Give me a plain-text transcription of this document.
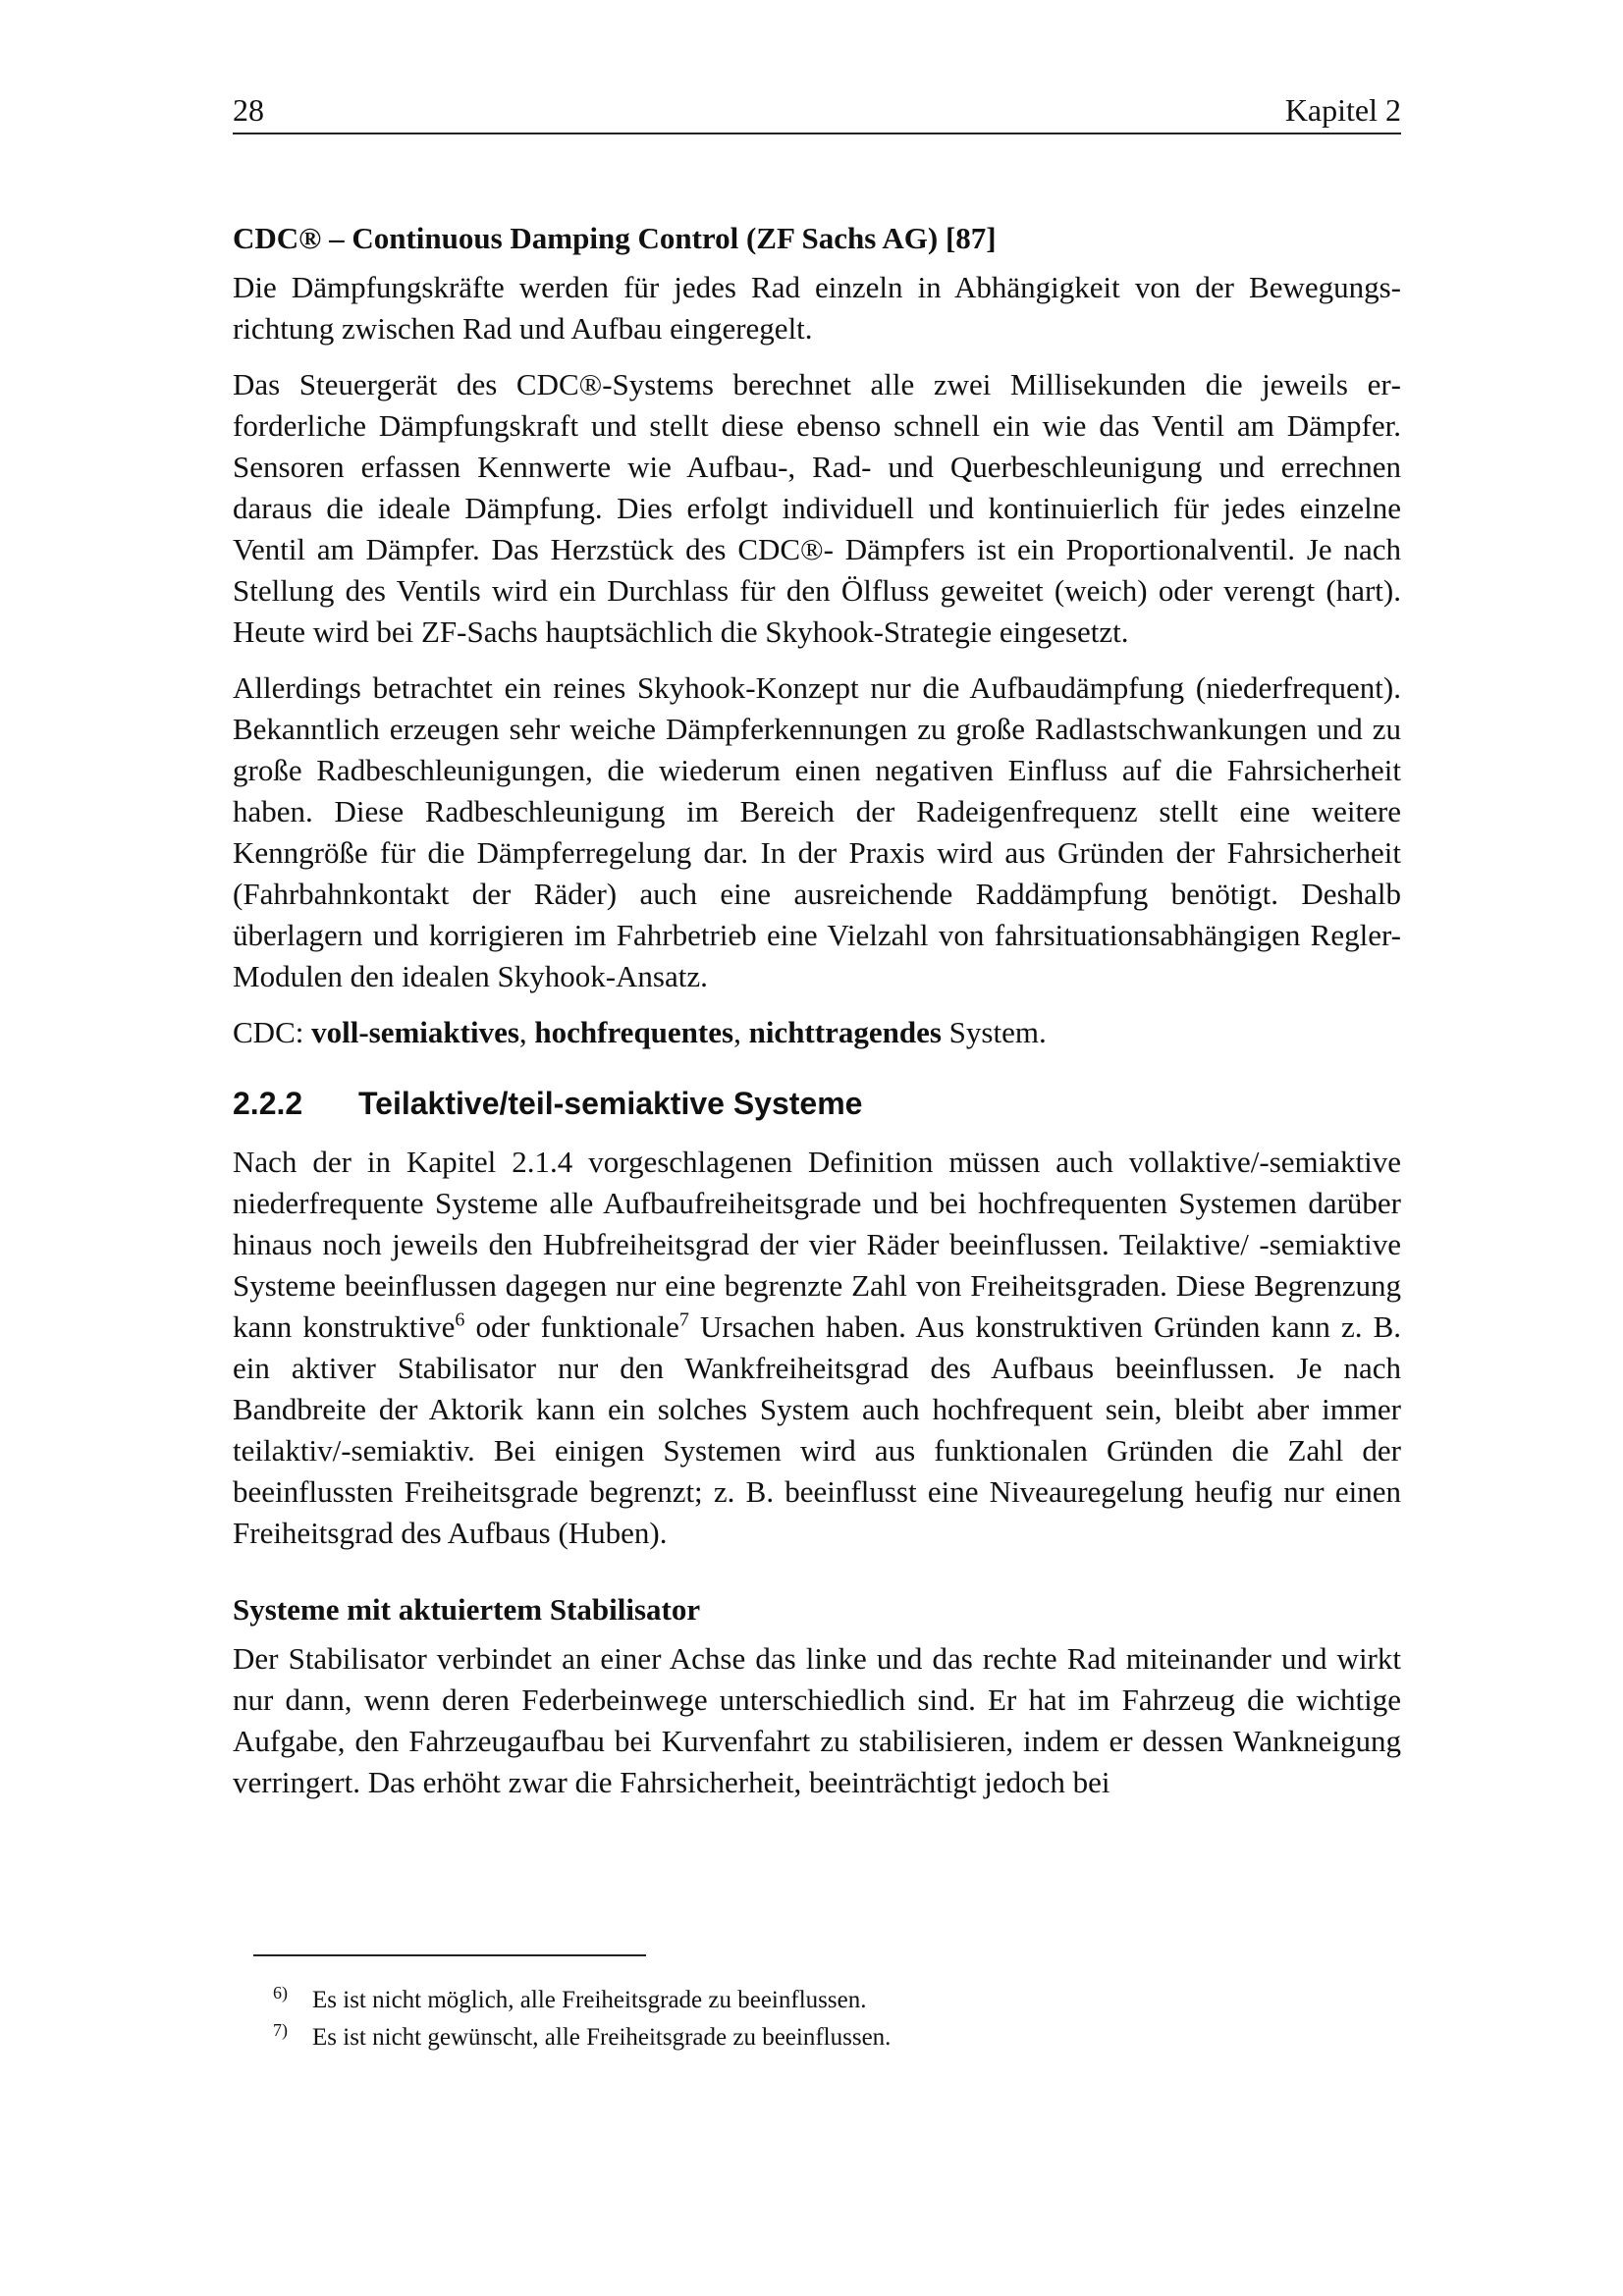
28	Kapitel 2
CDC® – Continuous Damping Control (ZF Sachs AG) [87]

Die Dämpfungskräfte werden für jedes Rad einzeln in Abhängigkeit von der Bewegungsrichtung zwischen Rad und Aufbau eingeregelt.

Das Steuergerät des CDC®-Systems berechnet alle zwei Millisekunden die jeweils erforderliche Dämpfungskraft und stellt diese ebenso schnell ein wie das Ventil am Dämpfer. Sensoren erfassen Kennwerte wie Aufbau-, Rad- und Querbeschleunigung und errechnen daraus die ideale Dämpfung. Dies erfolgt individuell und kontinuierlich für jedes einzelne Ventil am Dämpfer. Das Herzstück des CDC®- Dämpfers ist ein Proportionalventil. Je nach Stellung des Ventils wird ein Durchlass für den Ölfluss geweitet (weich) oder verengt (hart). Heute wird bei ZF-Sachs hauptsächlich die Skyhook-Strategie eingesetzt.

Allerdings betrachtet ein reines Skyhook-Konzept nur die Aufbaudämpfung (niederfrequent). Bekanntlich erzeugen sehr weiche Dämpferkennungen zu große Radlastschwankungen und zu große Radbeschleunigungen, die wiederum einen negativen Einfluss auf die Fahrsicherheit haben. Diese Radbeschleunigung im Bereich der Radeigenfrequenz stellt eine weitere Kenngröße für die Dämpferregelung dar. In der Praxis wird aus Gründen der Fahrsicherheit (Fahrbahnkontakt der Räder) auch eine ausreichende Raddämpfung benötigt. Deshalb überlagern und korrigieren im Fahrbetrieb eine Vielzahl von fahrsituationsabhängigen Regler-Modulen den idealen Skyhook-Ansatz.

CDC: voll-semiaktives, hochfrequentes, nichttragendes System.

2.2.2	Teilaktive/teil-semiaktive Systeme

Nach der in Kapitel 2.1.4 vorgeschlagenen Definition müssen auch vollaktive/-semiaktive niederfrequente Systeme alle Aufbaufreiheitsgrade und bei hochfrequenten Systemen darüber hinaus noch jeweils den Hubfreiheitsgrad der vier Räder beeinflussen. Teilaktive/ -semiaktive Systeme beeinflussen dagegen nur eine begrenzte Zahl von Freiheitsgraden. Diese Begrenzung kann konstruktive$^6$ oder funktionale$^7$ Ursachen haben. Aus konstruktiven Gründen kann z. B. ein aktiver Stabilisator nur den Wankfreiheitsgrad des Aufbaus beeinflussen. Je nach Bandbreite der Aktorik kann ein solches System auch hochfrequent sein, bleibt aber immer teilaktiv/-semiaktiv. Bei einigen Systemen wird aus funktionalen Gründen die Zahl der beeinflussten Freiheitsgrade begrenzt; z. B. beeinflusst eine Niveauregelung heufig nur einen Freiheitsgrad des Aufbaus (Huben).

Systeme mit aktuiertem Stabilisator

Der Stabilisator verbindet an einer Achse das linke und das rechte Rad miteinander und wirkt nur dann, wenn deren Federbeinwege unterschiedlich sind. Er hat im Fahrzeug die wichtige Aufgabe, den Fahrzeugaufbau bei Kurvenfahrt zu stabilisieren, indem er dessen Wankneigung verringert. Das erhöht zwar die Fahrsicherheit, beeinträchtigt jedoch bei

6)	Es ist nicht möglich, alle Freiheitsgrade zu beeinflussen.
7)	Es ist nicht gewünscht, alle Freiheitsgrade zu beeinflussen.
